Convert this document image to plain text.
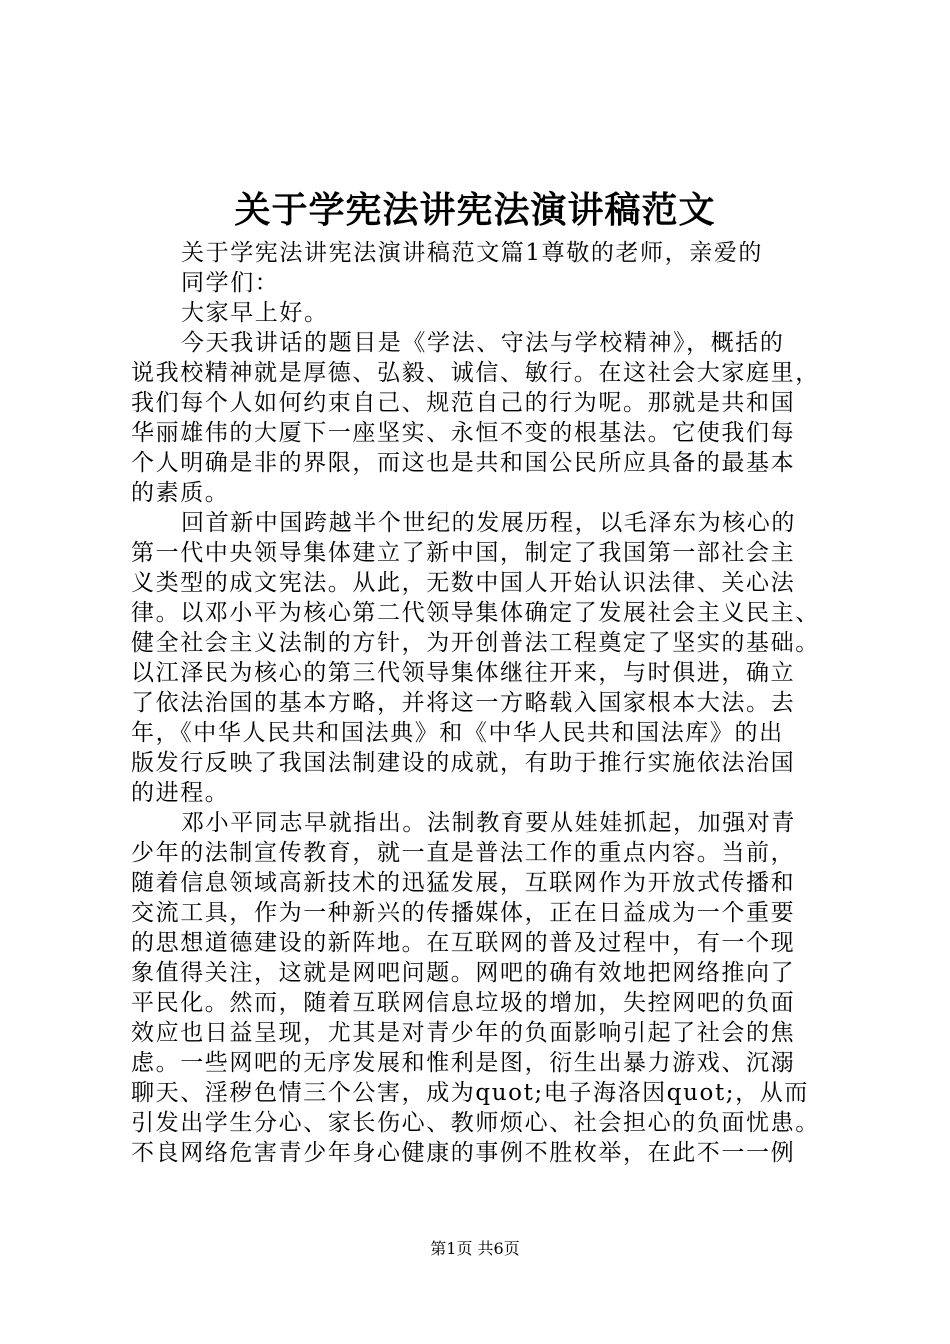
关于学宪法讲宪法演讲稿范文
关于学宪法讲宪法演讲稿范文篇1尊敬的老师，亲爱的
同学们：
大家早上好。
今天我讲话的题目是《学法、守法与学校精神》，概括的
说我校精神就是厚德、弘毅、诚信、敏行。在这社会大家庭里，
我们每个人如何约束自己、规范自己的行为呢。那就是共和国
华丽雄伟的大厦下一座坚实、永恒不变的根基法。它使我们每
个人明确是非的界限，而这也是共和国公民所应具备的最基本
的素质。
回首新中国跨越半个世纪的发展历程，以毛泽东为核心的
第一代中央领导集体建立了新中国，制定了我国第一部社会主
义类型的成文宪法。从此，无数中国人开始认识法律、关心法
律。以邓小平为核心第二代领导集体确定了发展社会主义民主、
健全社会主义法制的方针，为开创普法工程奠定了坚实的基础。
以江泽民为核心的第三代领导集体继往开来，与时俱进，确立
了依法治国的基本方略，并将这一方略载入国家根本大法。去
年，《中华人民共和国法典》和《中华人民共和国法库》的出
版发行反映了我国法制建设的成就，有助于推行实施依法治国
的进程。
邓小平同志早就指出。法制教育要从娃娃抓起，加强对青
少年的法制宣传教育，就一直是普法工作的重点内容。当前，
随着信息领域高新技术的迅猛发展，互联网作为开放式传播和
交流工具，作为一种新兴的传播媒体，正在日益成为一个重要
的思想道德建设的新阵地。在互联网的普及过程中，有一个现
象值得关注，这就是网吧问题。网吧的确有效地把网络推向了
平民化。然而，随着互联网信息垃圾的增加，失控网吧的负面
效应也日益呈现，尤其是对青少年的负面影响引起了社会的焦
虑。一些网吧的无序发展和惟利是图，衍生出暴力游戏、沉溺
聊天、淫秽色情三个公害，成为quot;电子海洛因quot;，从而
引发出学生分心、家长伤心、教师烦心、社会担心的负面忧患。
不良网络危害青少年身心健康的事例不胜枚举，在此不一一例
第1页 共6页
